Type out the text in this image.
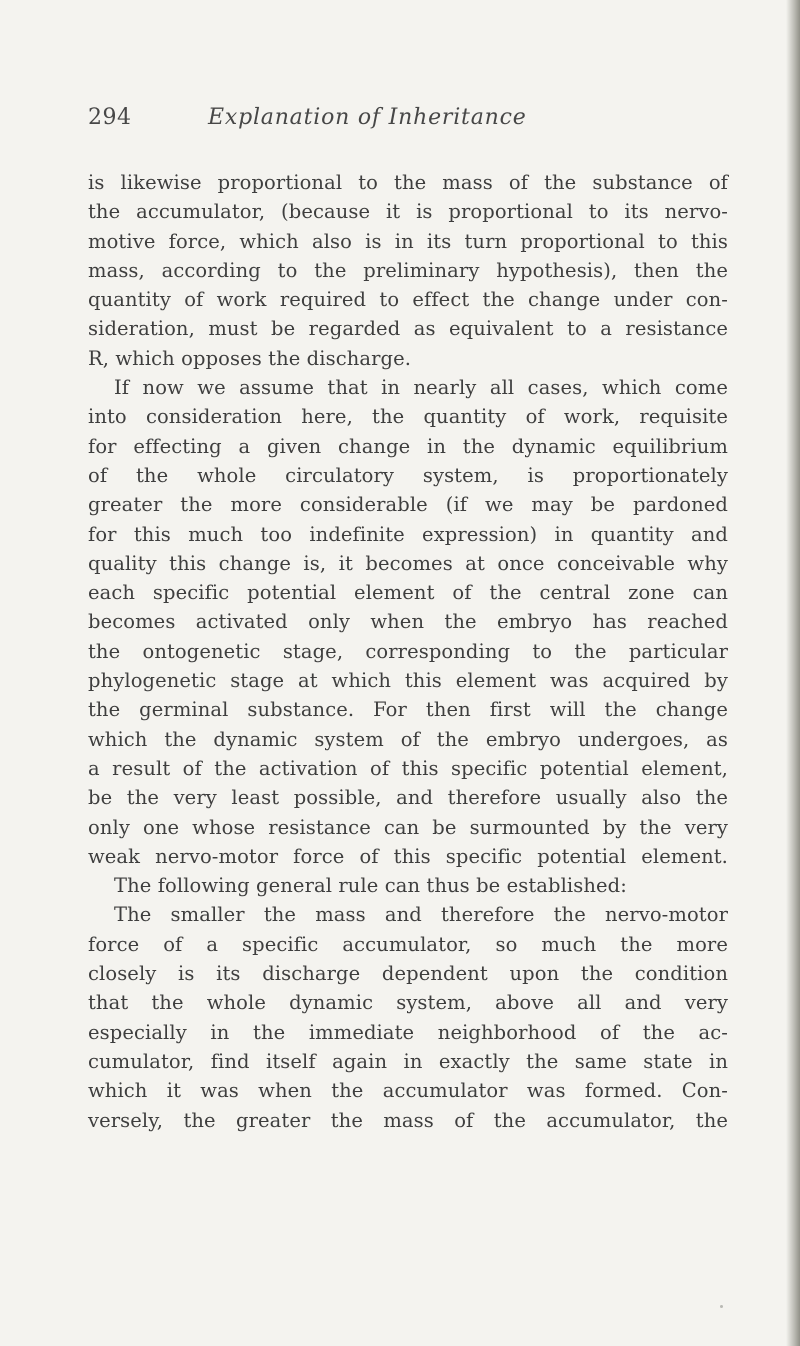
294	Explanation of Inheritance
is likewise proportional to the mass of the substance of
the accumulator, (because it is proportional to its nervo-
motive force, which also is in its turn proportional to this
mass, according to the preliminary hypothesis), then the
quantity of work required to effect the change under con-
sideration, must be regarded as equivalent to a resistance
R, which opposes the discharge.
If now we assume that in nearly all cases, which come
into consideration here, the quantity of work, requisite
for effecting a given change in the dynamic equilibrium
of the whole circulatory system, is proportionately
greater the more considerable (if we may be pardoned
for this much too indefinite expression) in quantity and
quality this change is, it becomes at once conceivable why
each specific potential element of the central zone can
becomes activated only when the embryo has reached
the ontogenetic stage, corresponding to the particular
phylogenetic stage at which this element was acquired by
the germinal substance. For then first will the change
which the dynamic system of the embryo undergoes, as
a result of the activation of this specific potential element,
be the very least possible, and therefore usually also the
only one whose resistance can be surmounted by the very
weak nervo-motor force of this specific potential element.
The following general rule can thus be established:
The smaller the mass and therefore the nervo-motor
force of a specific accumulator, so much the more
closely is its discharge dependent upon the condition
that the whole dynamic system, above all and very
especially in the immediate neighborhood of the ac-
cumulator, find itself again in exactly the same state in
which it was when the accumulator was formed. Con-
versely, the greater the mass of the accumulator, the
